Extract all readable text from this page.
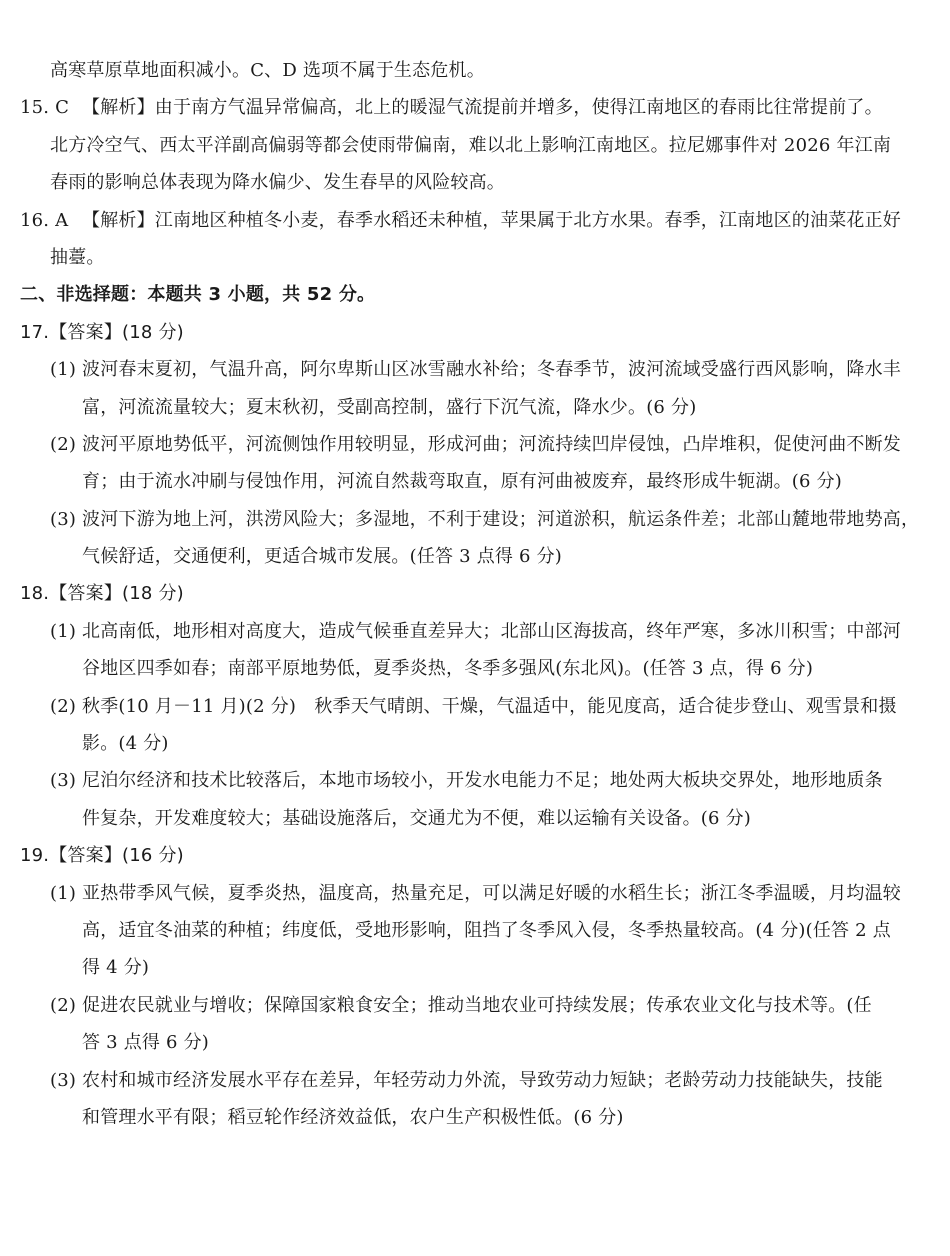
高寒草原草地面积减小。C、D 选项不属于生态危机。
15. C 【解析】由于南方气温异常偏高，北上的暖湿气流提前并增多，使得江南地区的春雨比往常提前了。
北方冷空气、西太平洋副高偏弱等都会使雨带偏南，难以北上影响江南地区。拉尼娜事件对 2026 年江南
春雨的影响总体表现为降水偏少、发生春旱的风险较高。
16. A 【解析】江南地区种植冬小麦，春季水稻还未种植，苹果属于北方水果。春季，江南地区的油菜花正好
抽薹。
二、非选择题：本题共 3 小题，共 52 分。
17.【答案】(18 分)
(1) 波河春末夏初，气温升高，阿尔卑斯山区冰雪融水补给；冬春季节，波河流域受盛行西风影响，降水丰
富，河流流量较大；夏末秋初，受副高控制，盛行下沉气流，降水少。(6 分)
(2) 波河平原地势低平，河流侧蚀作用较明显，形成河曲；河流持续凹岸侵蚀，凸岸堆积，促使河曲不断发
育；由于流水冲刷与侵蚀作用，河流自然裁弯取直，原有河曲被废弃，最终形成牛轭湖。(6 分)
(3) 波河下游为地上河，洪涝风险大；多湿地，不利于建设；河道淤积，航运条件差；北部山麓地带地势高，
气候舒适，交通便利，更适合城市发展。(任答 3 点得 6 分)
18.【答案】(18 分)
(1) 北高南低，地形相对高度大，造成气候垂直差异大；北部山区海拔高，终年严寒，多冰川积雪；中部河
谷地区四季如春；南部平原地势低，夏季炎热，冬季多强风(东北风)。(任答 3 点，得 6 分)
(2) 秋季(10 月－11 月)(2 分)　秋季天气晴朗、干燥，气温适中，能见度高，适合徒步登山、观雪景和摄
影。(4 分)
(3) 尼泊尔经济和技术比较落后，本地市场较小，开发水电能力不足；地处两大板块交界处，地形地质条
件复杂，开发难度较大；基础设施落后，交通尤为不便，难以运输有关设备。(6 分)
19.【答案】(16 分)
(1) 亚热带季风气候，夏季炎热，温度高，热量充足，可以满足好暖的水稻生长；浙江冬季温暖，月均温较
高，适宜冬油菜的种植；纬度低，受地形影响，阻挡了冬季风入侵，冬季热量较高。(4 分)(任答 2 点
得 4 分)
(2) 促进农民就业与增收；保障国家粮食安全；推动当地农业可持续发展；传承农业文化与技术等。(任
答 3 点得 6 分)
(3) 农村和城市经济发展水平存在差异，年轻劳动力外流，导致劳动力短缺；老龄劳动力技能缺失，技能
和管理水平有限；稻豆轮作经济效益低，农户生产积极性低。(6 分)
